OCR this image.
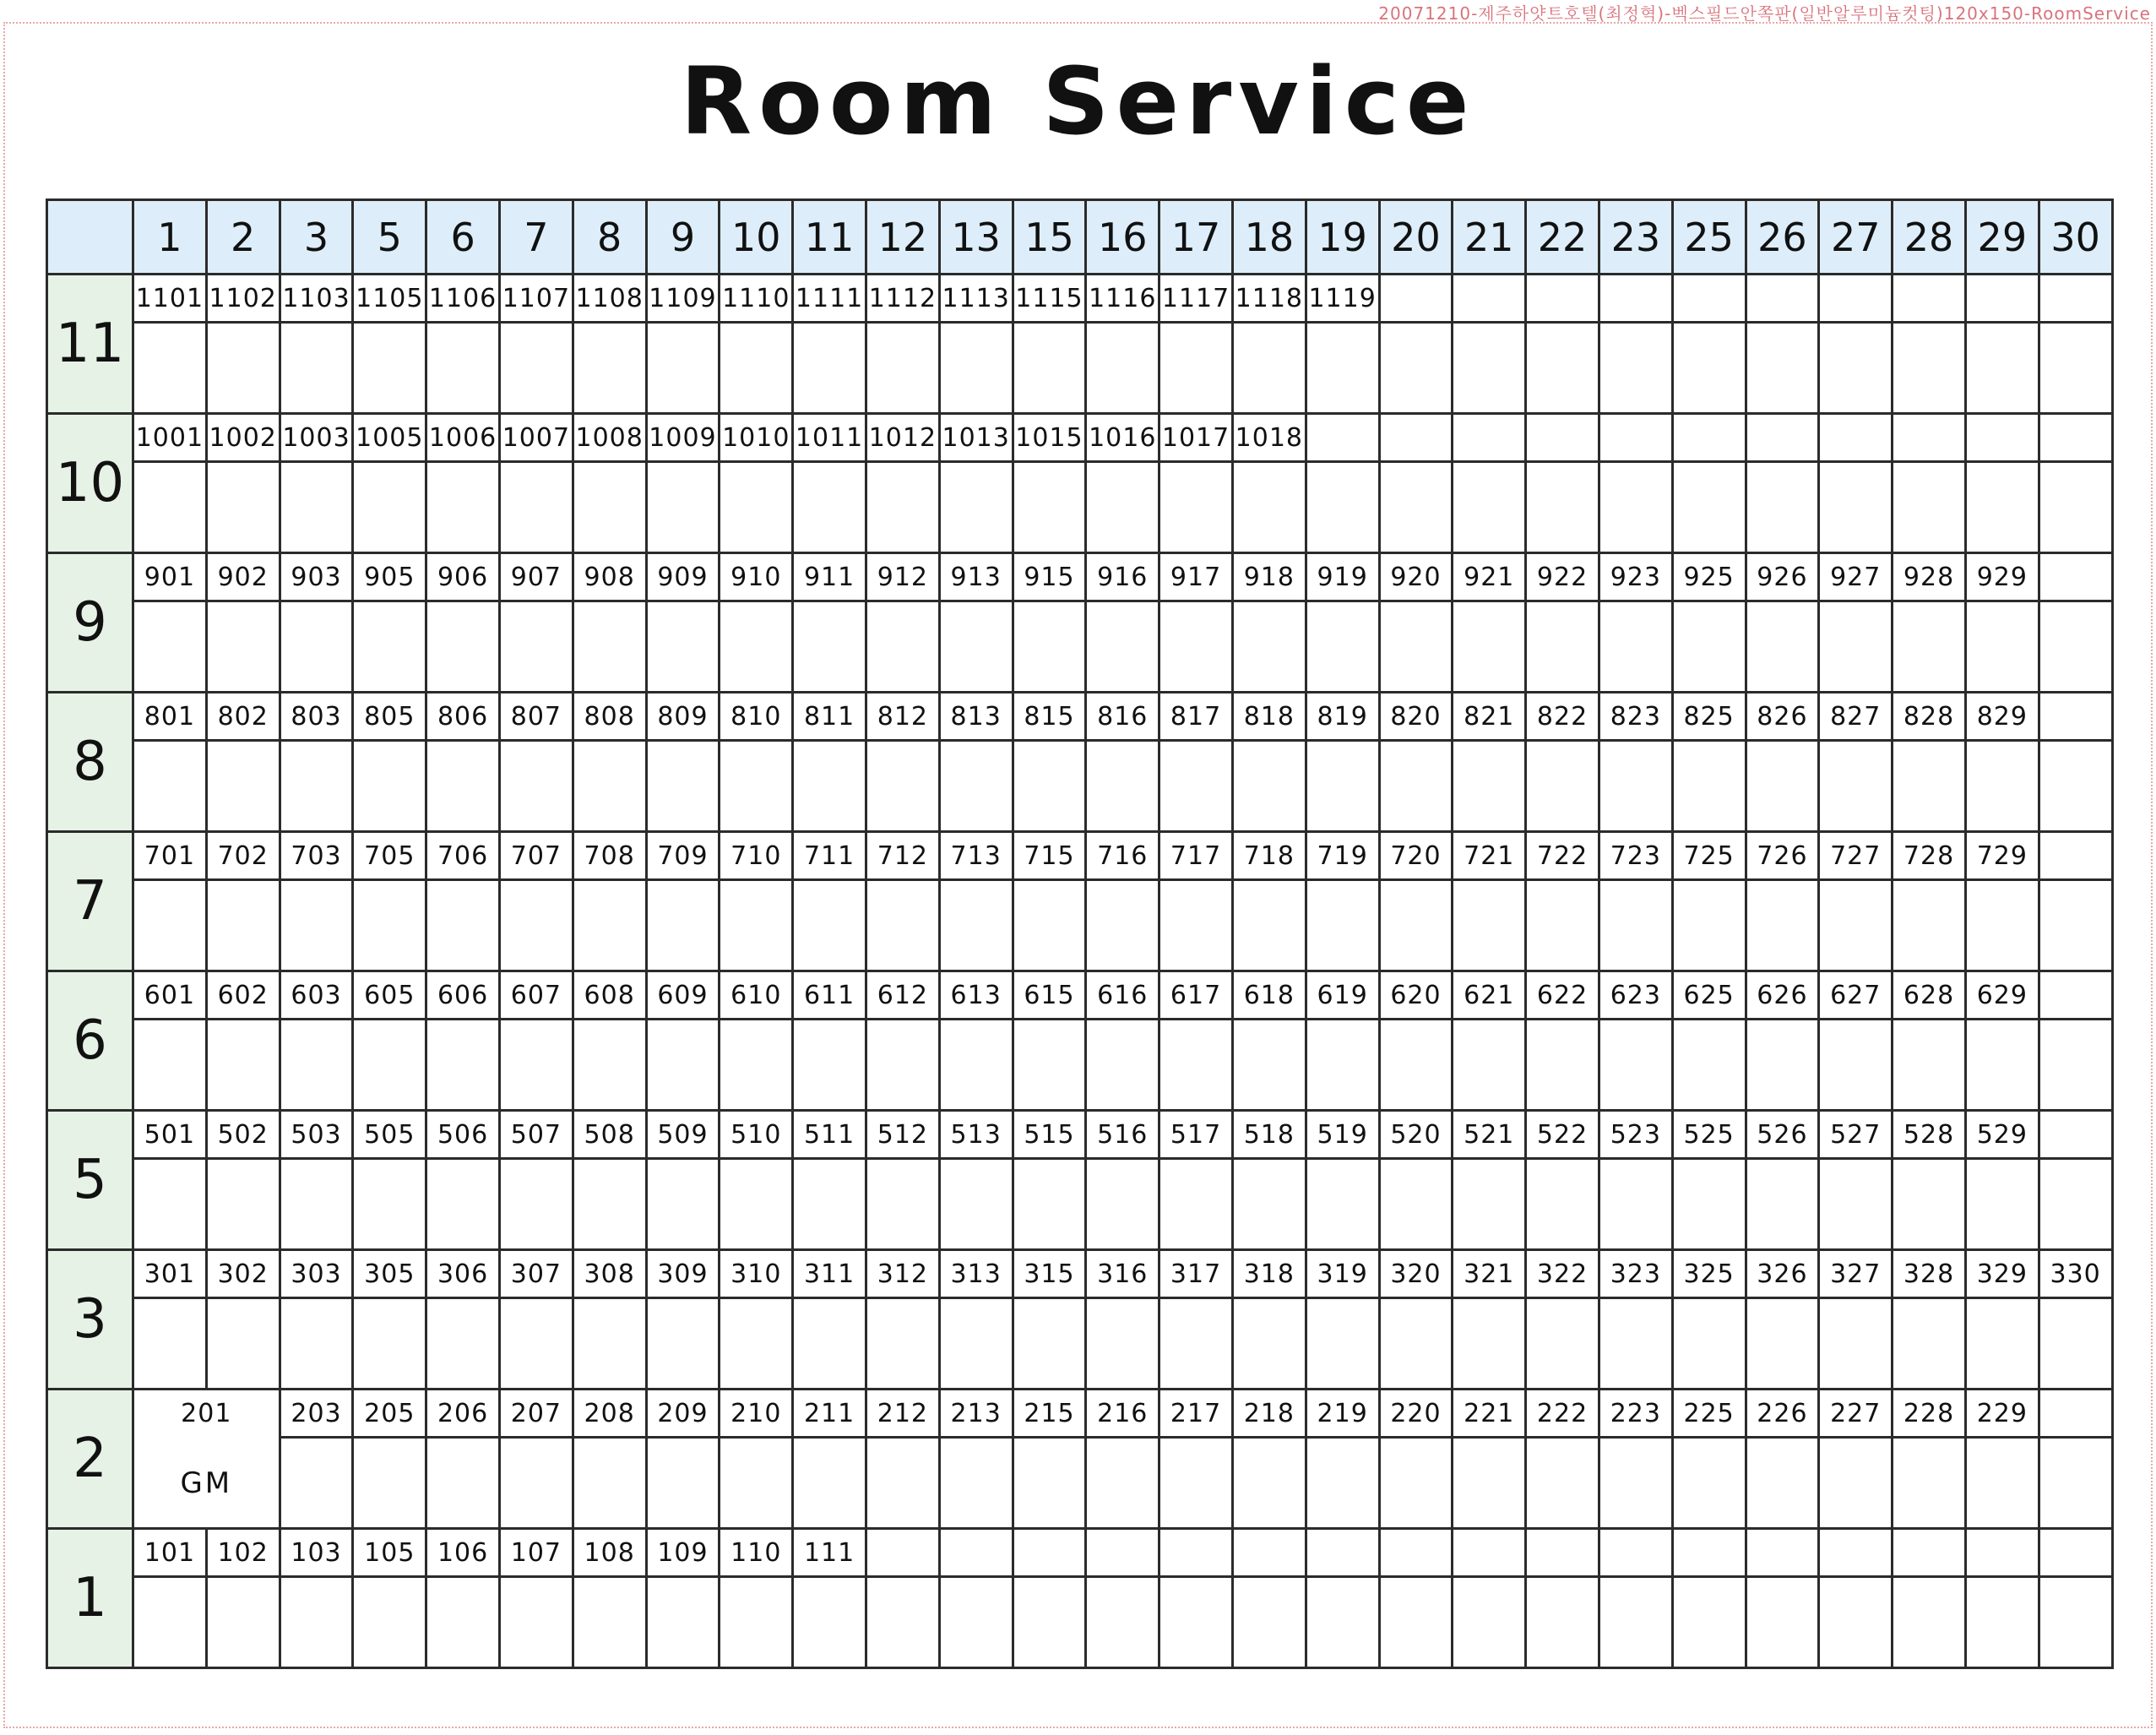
20071210-제주하얏트호텔(최정혁)-벡스필드안쪽판(일반알루미늄컷팅)120x150-RoomService
Room Service
	1	2	3	5	6	7	8	9	10	11	12	13	15	16	17	18	19	20	21	22	23	25	26	27	28	29	30
11	1101	1102	1103	1105	1106	1107	1108	1109	1110	1111	1112	1113	1115	1116	1117	1118	1119										

10	1001	1002	1003	1005	1006	1007	1008	1009	1010	1011	1012	1013	1015	1016	1017	1018											

9	901	902	903	905	906	907	908	909	910	911	912	913	915	916	917	918	919	920	921	922	923	925	926	927	928	929	

8	801	802	803	805	806	807	808	809	810	811	812	813	815	816	817	818	819	820	821	822	823	825	826	827	828	829	

7	701	702	703	705	706	707	708	709	710	711	712	713	715	716	717	718	719	720	721	722	723	725	726	727	728	729	

6	601	602	603	605	606	607	608	609	610	611	612	613	615	616	617	618	619	620	621	622	623	625	626	627	628	629	

5	501	502	503	505	506	507	508	509	510	511	512	513	515	516	517	518	519	520	521	522	523	525	526	527	528	529	

3	301	302	303	305	306	307	308	309	310	311	312	313	315	316	317	318	319	320	321	322	323	325	326	327	328	329	330

2	201		203	205	206	207	208	209	210	211	212	213	215	216	217	218	219	220	221	222	223	225	226	227	228	229	
	GM																										
1	101	102	103	105	106	107	108	109	110	111																	
